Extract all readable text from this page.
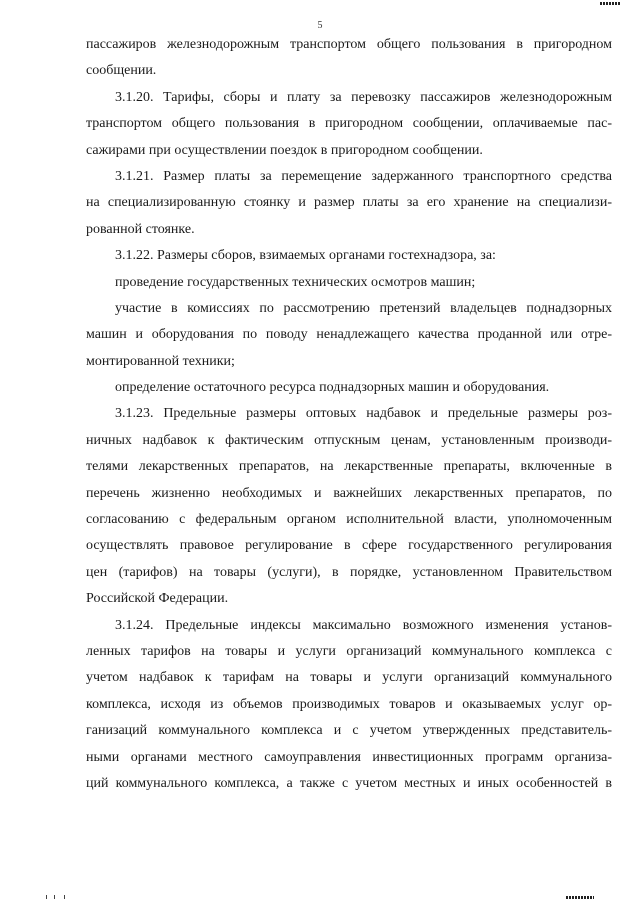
5
пассажиров железнодорожным транспортом общего пользования в пригородном
сообщении.
3.1.20. Тарифы, сборы и плату за перевозку пассажиров железнодорожным
транспортом общего пользования в пригородном сообщении, оплачиваемые пас-
сажирами при осуществлении поездок в пригородном сообщении.
3.1.21. Размер платы за перемещение задержанного транспортного средства
на специализированную стоянку и размер платы за его хранение на специализи-
рованной стоянке.
3.1.22. Размеры сборов, взимаемых органами гостехнадзора, за:
проведение государственных технических осмотров машин;
участие в комиссиях по рассмотрению претензий владельцев поднадзорных
машин и оборудования по поводу ненадлежащего качества проданной или отре-
монтированной техники;
определение остаточного ресурса поднадзорных машин и оборудования.
3.1.23. Предельные размеры оптовых надбавок и предельные размеры роз-
ничных надбавок к фактическим отпускным ценам, установленным производи-
телями лекарственных препаратов, на лекарственные препараты, включенные в
перечень жизненно необходимых и важнейших лекарственных препаратов, по
согласованию с федеральным органом исполнительной власти, уполномоченным
осуществлять правовое регулирование в сфере государственного регулирования
цен (тарифов) на товары (услуги), в порядке, установленном Правительством
Российской Федерации.
3.1.24. Предельные индексы максимально возможного изменения установ-
ленных тарифов на товары и услуги организаций коммунального комплекса с
учетом надбавок к тарифам на товары и услуги организаций коммунального
комплекса, исходя из объемов производимых товаров и оказываемых услуг ор-
ганизаций коммунального комплекса и с учетом утвержденных представитель-
ными органами местного самоуправления инвестиционных программ организа-
ций коммунального комплекса, а также с учетом местных и иных особенностей в
